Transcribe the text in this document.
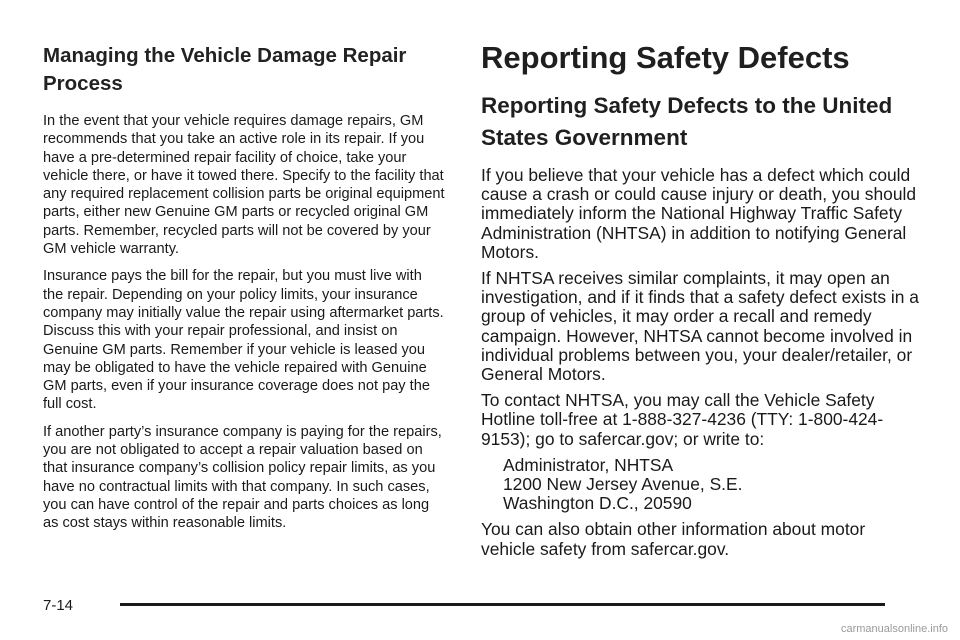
Managing the Vehicle Damage Repair Process

In the event that your vehicle requires damage repairs, GM recommends that you take an active role in its repair. If you have a pre-determined repair facility of choice, take your vehicle there, or have it towed there. Specify to the facility that any required replacement collision parts be original equipment parts, either new Genuine GM parts or recycled original GM parts. Remember, recycled parts will not be covered by your GM vehicle warranty.

Insurance pays the bill for the repair, but you must live with the repair. Depending on your policy limits, your insurance company may initially value the repair using aftermarket parts. Discuss this with your repair professional, and insist on Genuine GM parts. Remember if your vehicle is leased you may be obligated to have the vehicle repaired with Genuine GM parts, even if your insurance coverage does not pay the full cost.

If another party’s insurance company is paying for the repairs, you are not obligated to accept a repair valuation based on that insurance company’s collision policy repair limits, as you have no contractual limits with that company. In such cases, you can have control of the repair and parts choices as long as cost stays within reasonable limits.

Reporting Safety Defects
Reporting Safety Defects to the United States Government

If you believe that your vehicle has a defect which could cause a crash or could cause injury or death, you should immediately inform the National Highway Traffic Safety Administration (NHTSA) in addition to notifying General Motors.

If NHTSA receives similar complaints, it may open an investigation, and if it finds that a safety defect exists in a group of vehicles, it may order a recall and remedy campaign. However, NHTSA cannot become involved in individual problems between you, your dealer/retailer, or General Motors.

To contact NHTSA, you may call the Vehicle Safety Hotline toll-free at 1-888-327-4236 (TTY: 1-800-424-9153); go to safercar.gov; or write to:

Administrator, NHTSA
1200 New Jersey Avenue, S.E.
Washington D.C., 20590

You can also obtain other information about motor vehicle safety from safercar.gov.

7-14
carmanualsonline.info
